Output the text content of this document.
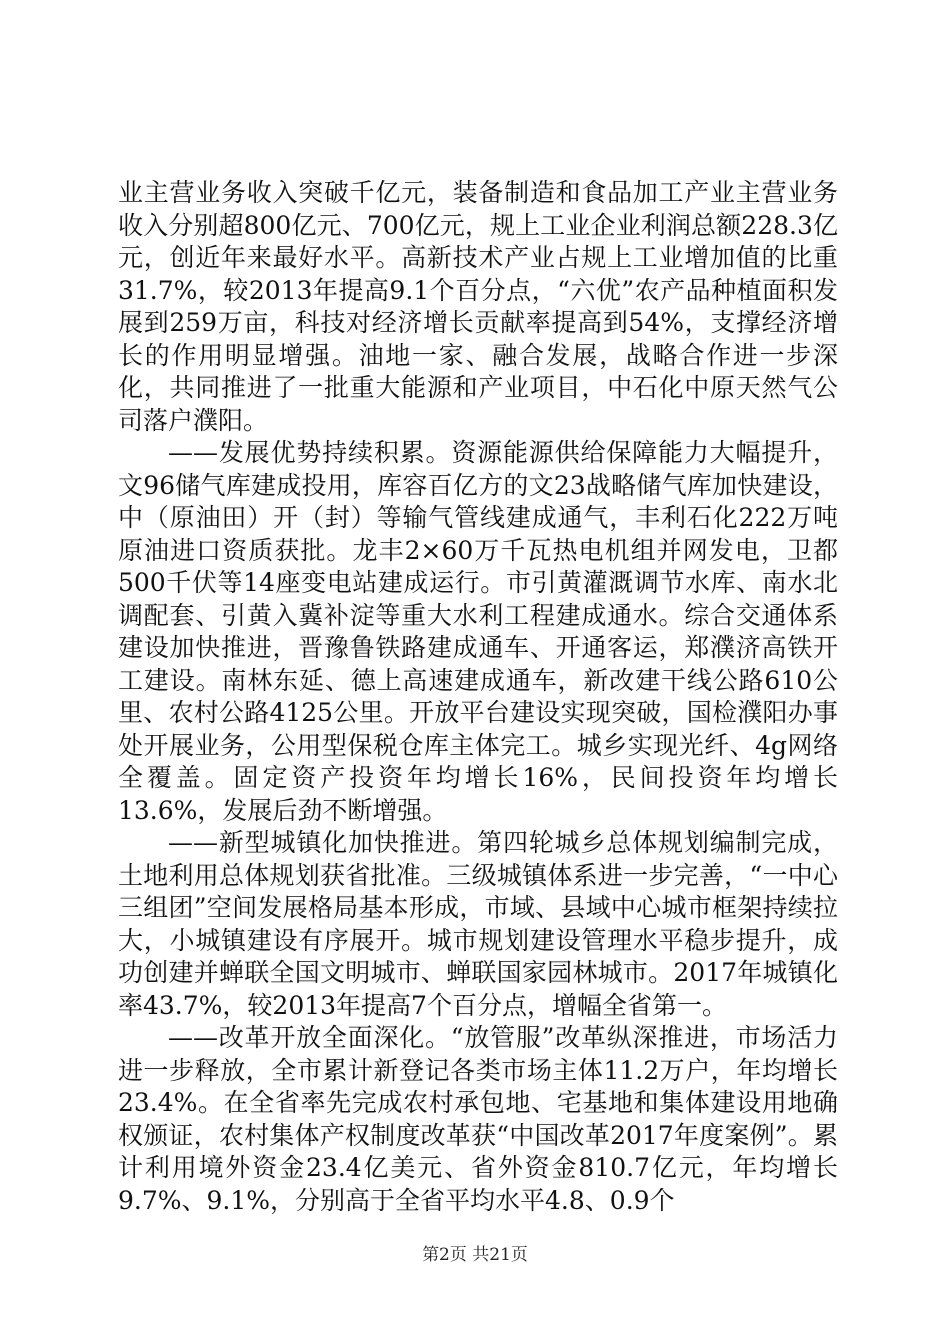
业主营业务收入突破千亿元，装备制造和食品加工产业主营业务收入分别超800亿元、700亿元，规上工业企业利润总额228.3亿元，创近年来最好水平。高新技术产业占规上工业增加值的比重31.7%，较2013年提高9.1个百分点，“六优”农产品种植面积发展到259万亩，科技对经济增长贡献率提高到54%，支撑经济增长的作用明显增强。油地一家、融合发展，战略合作进一步深化，共同推进了一批重大能源和产业项目，中石化中原天然气公司落户濮阳。

——发展优势持续积累。资源能源供给保障能力大幅提升，文96储气库建成投用，库容百亿方的文23战略储气库加快建设，中（原油田）开（封）等输气管线建成通气，丰利石化222万吨原油进口资质获批。龙丰2×60万千瓦热电机组并网发电，卫都500千伏等14座变电站建成运行。市引黄灌溉调节水库、南水北调配套、引黄入冀补淀等重大水利工程建成通水。综合交通体系建设加快推进，晋豫鲁铁路建成通车、开通客运，郑濮济高铁开工建设。南林东延、德上高速建成通车，新改建干线公路610公里、农村公路4125公里。开放平台建设实现突破，国检濮阳办事处开展业务，公用型保税仓库主体完工。城乡实现光纤、4g网络全覆盖。固定资产投资年均增长16%，民间投资年均增长13.6%，发展后劲不断增强。

——新型城镇化加快推进。第四轮城乡总体规划编制完成，土地利用总体规划获省批准。三级城镇体系进一步完善，“一中心三组团”空间发展格局基本形成，市域、县域中心城市框架持续拉大，小城镇建设有序展开。城市规划建设管理水平稳步提升，成功创建并蝉联全国文明城市、蝉联国家园林城市。2017年城镇化率43.7%，较2013年提高7个百分点，增幅全省第一。

——改革开放全面深化。“放管服”改革纵深推进，市场活力进一步释放，全市累计新登记各类市场主体11.2万户，年均增长23.4%。在全省率先完成农村承包地、宅基地和集体建设用地确权颁证，农村集体产权制度改革获“中国改革2017年度案例”。累计利用境外资金23.4亿美元、省外资金810.7亿元，年均增长9.7%、9.1%，分别高于全省平均水平4.8、0.9个

第2页 共21页
